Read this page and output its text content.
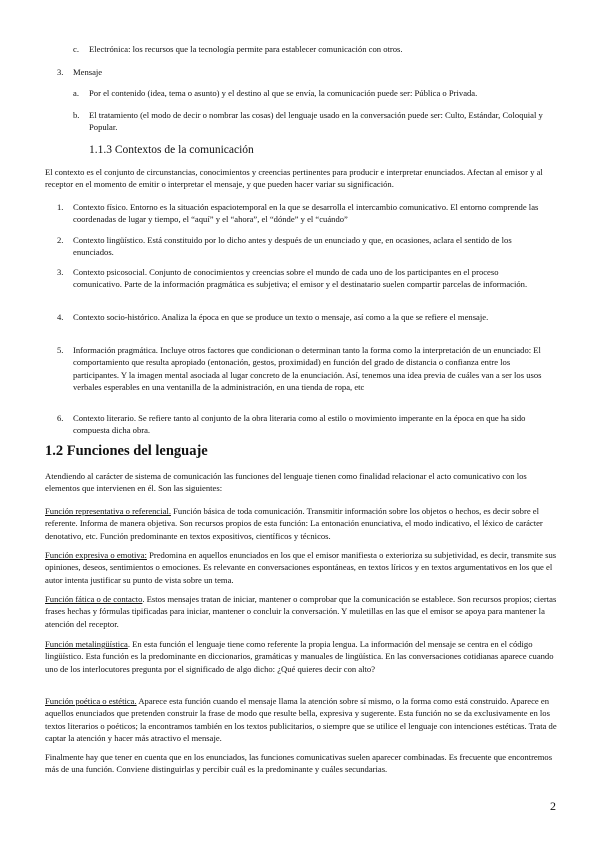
c. Electrónica: los recursos que la tecnología permite para establecer comunicación con otros.

3. Mensaje

a. Por el contenido (idea, tema o asunto) y el destino al que se envía, la comunicación puede ser: Pública o Privada.

b. El tratamiento (el modo de decir o nombrar las cosas) del lenguaje usado en la conversación puede ser: Culto, Estándar, Coloquial y Popular.

1.1.3 Contextos de la comunicación

El contexto es el conjunto de circunstancias, conocimientos y creencias pertinentes para producir e interpretar enunciados. Afectan al emisor y al receptor en el momento de emitir o interpretar el mensaje, y que pueden hacer variar su significación.

1. Contexto físico. Entorno es la situación espaciotemporal en la que se desarrolla el intercambio comunicativo. El entorno comprende las coordenadas de lugar y tiempo, el “aquí” y el “ahora”, el “dónde” y el “cuándo”

2. Contexto lingüístico. Está constituido por lo dicho antes y después de un enunciado y que, en ocasiones, aclara el sentido de los enunciados.

3. Contexto psicosocial. Conjunto de conocimientos y creencias sobre el mundo de cada uno de los participantes en el proceso comunicativo. Parte de la información pragmática es subjetiva; el emisor y el destinatario suelen compartir parcelas de información.

4. Contexto socio-histórico. Analiza la época en que se produce un texto o mensaje, así como a la que se refiere el mensaje.

5. Información pragmática. Incluye otros factores que condicionan o determinan tanto la forma como la interpretación de un enunciado: El comportamiento que resulta apropiado (entonación, gestos, proximidad) en función del grado de distancia o confianza entre los participantes. Y la imagen mental asociada al lugar concreto de la enunciación. Así, tenemos una idea previa de cuáles van a ser los usos verbales esperables en una ventanilla de la administración, en una tienda de ropa, etc

6. Contexto literario. Se refiere tanto al conjunto de la obra literaria como al estilo o movimiento imperante en la época en que ha sido compuesta dicha obra.

1.2 Funciones del lenguaje

Atendiendo al carácter de sistema de comunicación las funciones del lenguaje tienen como finalidad relacionar el acto comunicativo con los elementos que intervienen en él. Son las siguientes:

Función representativa o referencial. Función básica de toda comunicación. Transmitir información sobre los objetos o hechos, es decir sobre el referente. Informa de manera objetiva. Son recursos propios de esta función: La entonación enunciativa, el modo indicativo, el léxico de carácter denotativo, etc. Función predominante en textos expositivos, científicos y técnicos.

Función expresiva o emotiva: Predomina en aquellos enunciados en los que el emisor manifiesta o exterioriza su subjetividad, es decir, transmite sus opiniones, deseos, sentimientos o emociones. Es relevante en conversaciones espontáneas, en textos líricos y en textos argumentativos en los que el autor intenta justificar su punto de vista sobre un tema.

Función fática o de contacto. Estos mensajes tratan de iniciar, mantener o comprobar que la comunicación se establece. Son recursos propios; ciertas frases hechas y fórmulas tipificadas para iniciar, mantener o concluir la conversación. Y muletillas en las que el emisor se apoya para mantener la atención del receptor.

Función metalingüística. En esta función el lenguaje tiene como referente la propia lengua. La información del mensaje se centra en el código lingüístico. Esta función es la predominante en diccionarios, gramáticas y manuales de lingüística. En las conversaciones cotidianas aparece cuando uno de los interlocutores pregunta por el significado de algo dicho: ¿Qué quieres decir con alto?

Función poética o estética. Aparece esta función cuando el mensaje llama la atención sobre sí mismo, o la forma como está construido. Aparece en aquellos enunciados que pretenden construir la frase de modo que resulte bella, expresiva y sugerente. Esta función no se da exclusivamente en los textos literarios o poéticos; la encontramos también en los textos publicitarios, o siempre que se utilice el lenguaje con intenciones estéticas. Trata de captar la atención y hacer más atractivo el mensaje.

Finalmente hay que tener en cuenta que en los enunciados, las funciones comunicativas suelen aparecer combinadas. Es frecuente que encontremos más de una función. Conviene distinguirlas y percibir cuál es la predominante y cuáles secundarias.

2
